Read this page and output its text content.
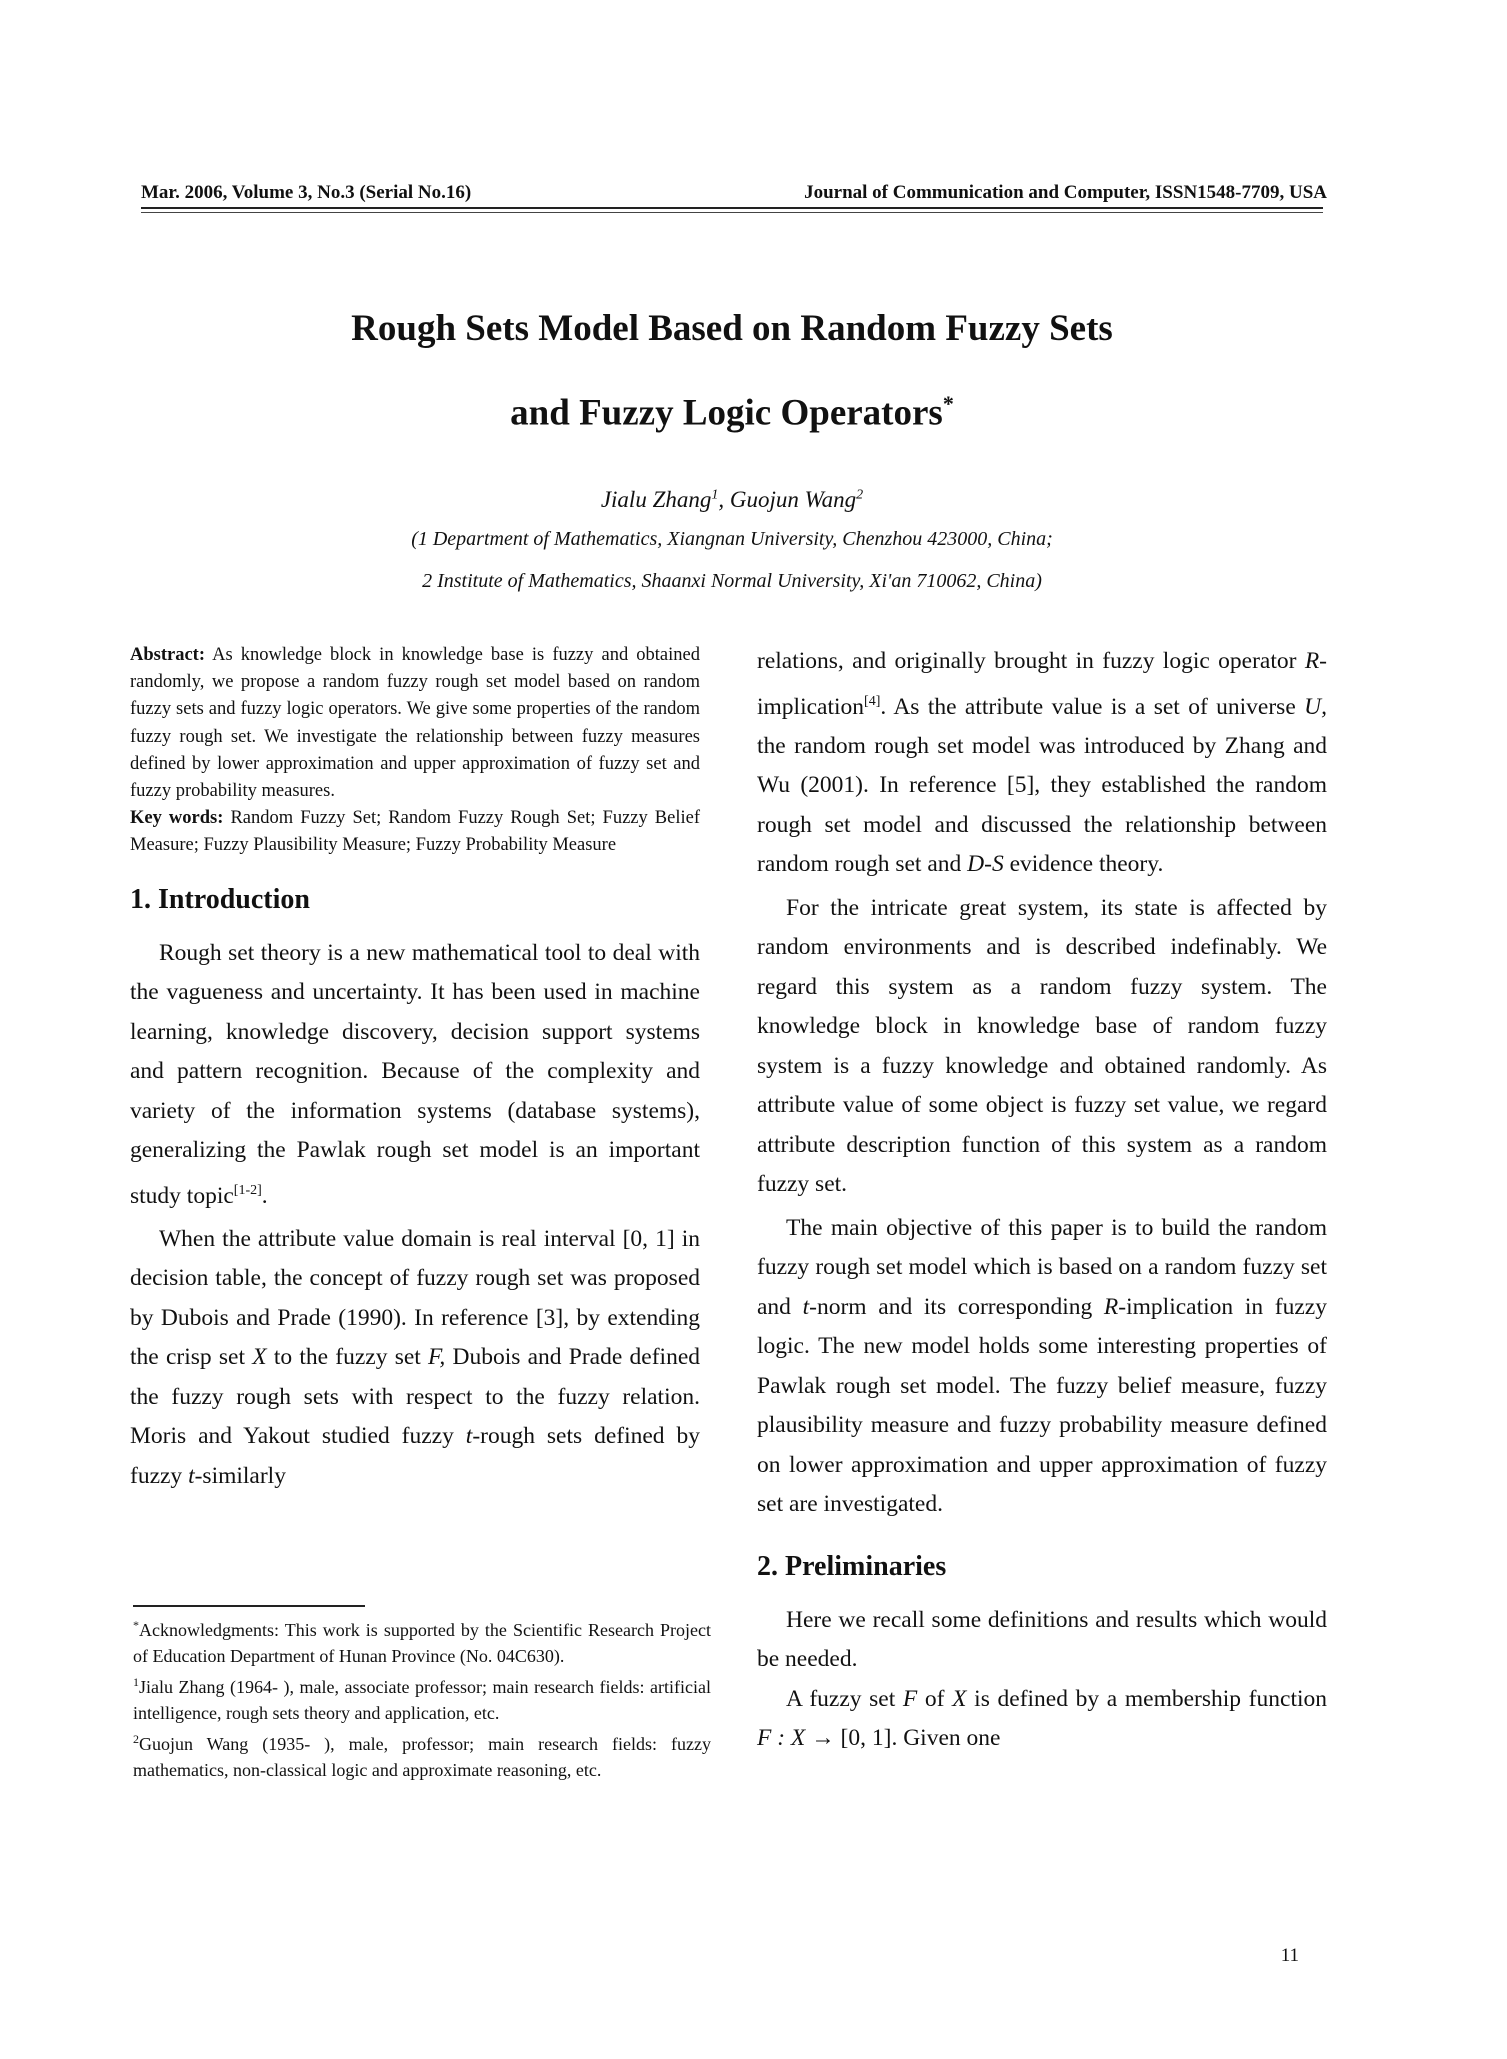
Mar. 2006, Volume 3, No.3 (Serial No.16)	Journal of Communication and Computer, ISSN1548-7709, USA
Rough Sets Model Based on Random Fuzzy Sets
and Fuzzy Logic Operators*
Jialu Zhang$^1$, Guojun Wang$^2$
(1 Department of Mathematics, Xiangnan University, Chenzhou 423000, China;
2 Institute of Mathematics, Shaanxi Normal University, Xi'an 710062, China)

Abstract: As knowledge block in knowledge base is fuzzy and obtained randomly, we propose a random fuzzy rough set model based on random fuzzy sets and fuzzy logic operators. We give some properties of the random fuzzy rough set. We investigate the relationship between fuzzy measures defined by lower approximation and upper approximation of fuzzy set and fuzzy probability measures.

Key words: Random Fuzzy Set; Random Fuzzy Rough Set; Fuzzy Belief Measure; Fuzzy Plausibility Measure; Fuzzy Probability Measure

1. Introduction

Rough set theory is a new mathematical tool to deal with the vagueness and uncertainty. It has been used in machine learning, knowledge discovery, decision support systems and pattern recognition. Because of the complexity and variety of the information systems (database systems), generalizing the Pawlak rough set model is an important study topic[1-2].

When the attribute value domain is real interval [0, 1] in decision table, the concept of fuzzy rough set was proposed by Dubois and Prade (1990). In reference [3], by extending the crisp set X to the fuzzy set F, Dubois and Prade defined the fuzzy rough sets with respect to the fuzzy relation. Moris and Yakout studied fuzzy t-rough sets defined by fuzzy t-similarly

relations, and originally brought in fuzzy logic operator R-implication[4]. As the attribute value is a set of universe U, the random rough set model was introduced by Zhang and Wu (2001). In reference [5], they established the random rough set model and discussed the relationship between random rough set and D-S evidence theory.

For the intricate great system, its state is affected by random environments and is described indefinably. We regard this system as a random fuzzy system. The knowledge block in knowledge base of random fuzzy system is a fuzzy knowledge and obtained randomly. As attribute value of some object is fuzzy set value, we regard attribute description function of this system as a random fuzzy set.

The main objective of this paper is to build the random fuzzy rough set model which is based on a random fuzzy set and t-norm and its corresponding R-implication in fuzzy logic. The new model holds some interesting properties of Pawlak rough set model. The fuzzy belief measure, fuzzy plausibility measure and fuzzy probability measure defined on lower approximation and upper approximation of fuzzy set are investigated.

2. Preliminaries

Here we recall some definitions and results which would be needed.

A fuzzy set F of X is defined by a membership function F : X → [0, 1]. Given one

*Acknowledgments: This work is supported by the Scientific Research Project of Education Department of Hunan Province (No. 04C630).

$^1$Jialu Zhang (1964- ), male, associate professor; main research fields: artificial intelligence, rough sets theory and application, etc.

$^2$Guojun Wang (1935- ), male, professor; main research fields: fuzzy mathematics, non-classical logic and approximate reasoning, etc.

11
